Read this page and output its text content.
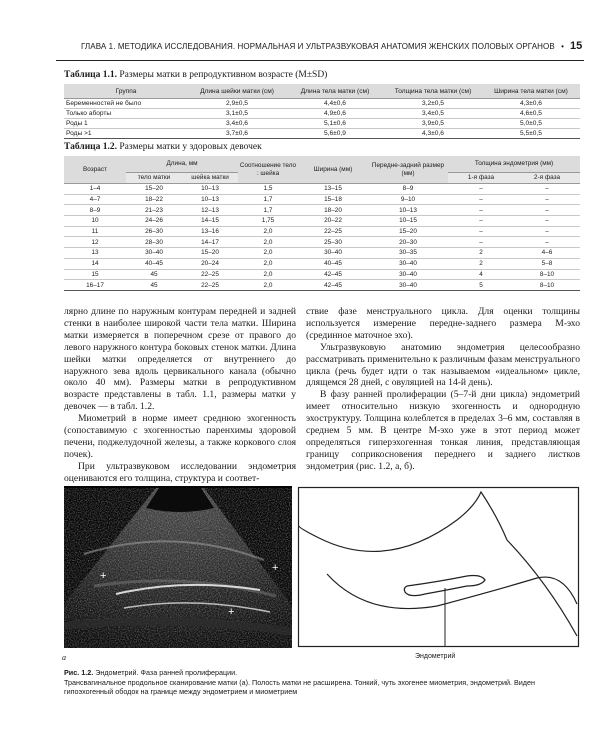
ГЛАВА 1. МЕТОДИКА ИССЛЕДОВАНИЯ. НОРМАЛЬНАЯ И УЛЬТРАЗВУКОВАЯ АНАТОМИЯ ЖЕНСКИХ ПОЛОВЫХ ОРГАНОВ • 15
Таблица 1.1. Размеры матки в репродуктивном возрасте (M±SD)
Группа	Длина шейки матки (см)	Длина тела матки (см)	Толщина тела матки (см)	Ширина тела матки (см)
Беременностей не было	2,9±0,5	4,4±0,6	3,2±0,5	4,3±0,6
Только аборты	3,1±0,5	4,9±0,6	3,4±0,5	4,6±0,5
Роды 1	3,4±0,6	5,1±0,6	3,9±0,5	5,0±0,5
Роды >1	3,7±0,6	5,6±0,9	4,3±0,6	5,5±0,5
Таблица 1.2. Размеры матки у здоровых девочек
Возраст	Длина, мм		Соотношение тело : шейка	Ширина (мм)	Передне-задний размер (мм)	Толщина эндометрия (мм)	
	тело матки	шейка матки				1-я фаза	2-я фаза
1–4	15–20	10–13	1,5	13–15	8–9	–	–
4–7	18–22	10–13	1,7	15–18	9–10	–	–
8–9	21–23	12–13	1,7	18–20	10–13	–	–
10	24–26	14–15	1,75	20–22	10–15	–	–
11	26–30	13–16	2,0	22–25	15–20	–	–
12	28–30	14–17	2,0	25–30	20–30	–	–
13	30–40	15–20	2,0	30–40	30–35	2	4–6
14	40–45	20–24	2,0	40–45	30–40	2	5–8
15	45	22–25	2,0	42–45	30–40	4	8–10
16–17	45	22–25	2,0	42–45	30–40	5	8–10

лярно длине по наружным контурам передней и задней стенки в наиболее широкой части тела матки. Ширина матки измеряется в поперечном срезе от правого до левого наружного контура боковых стенок матки. Длина шейки матки определяется от внутреннего до наружного зева вдоль цервикального канала (обычно около 40 мм). Размеры матки в репродуктивном возрасте представлены в табл. 1.1, размеры матки у девочек — в табл. 1.2.

Миометрий в норме имеет среднюю эхогенность (сопоставимую с эхогенностью паренхимы здоровой печени, поджелудочной железы, а также коркового слоя почек).

При ультразвуковом исследовании эндометрия оцениваются его толщина, структура и соответ-

ствие фазе менструального цикла. Для оценки толщины используется измерение передне-заднего размера М-эхо (срединное маточное эхо).

Ультразвуковую анатомию эндометрия целесообразно рассматривать применительно к различным фазам менструального цикла (речь будет идти о так называемом «идеальном» цикле, длящемся 28 дней, с овуляцией на 14-й день).

В фазу ранней пролиферации (5–7-й дни цикла) эндометрий имеет относительно низкую эхогенность и однородную эхоструктуру. Толщина колеблется в пределах 3–6 мм, составляя в среднем 5 мм. В центре М-эхо уже в этот период может определяться гиперэхогенная тонкая линия, представляющая границу соприкосновения переднего и заднего листков эндометрия (рис. 1.2, а, б).

+
+
+
а	Эндометрий

Рис. 1.2. Эндометрий. Фаза ранней пролиферации.

Трансвагинальное продольное сканирование матки (а). Полость матки не расширена. Тонкий, чуть эхогенее миометрия, эндометрий. Виден гипоэхогенный ободок на границе между эндометрием и миометрием
